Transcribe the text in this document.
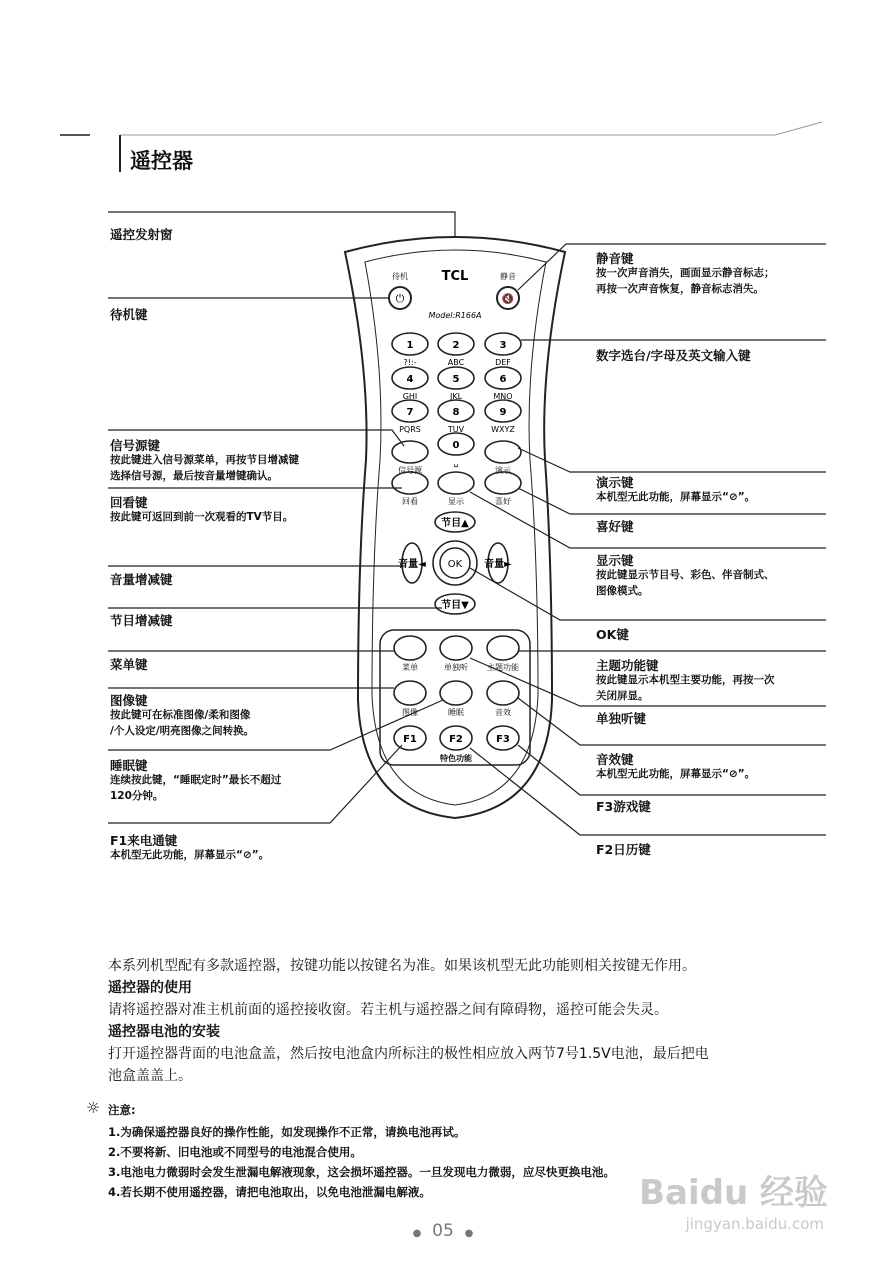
遥控器
TCL
Model:R166A
⏻
待机
🔇
静音
1
?!:-
2
ABC
3
DEF
4
GHI
5
JKL
6
MNO
7
PQRS
8
TUV
9
WXYZ
0
␣
信号源	演示
回看	显示	喜好
节目▲
节目▼
音量◄	音量►
菜单	单独听 主题功能
图像	睡眠	音效
F1	F2	F3
特色功能
OK
遥控发射窗
待机键
信号源键
按此键进入信号源菜单，再按节目增减键
选择信号源，最后按音量增键确认。
回看键
按此键可返回到前一次观看的TV节目。
音量增减键
节目增减键
菜单键
图像键
按此键可在标准图像/柔和图像
/个人设定/明亮图像之间转换。
睡眠键
连续按此键，“睡眠定时”最长不超过
120分钟。
F1来电通键
本机型无此功能，屏幕显示“⊘”。
静音键
按一次声音消失，画面显示静音标志；
再按一次声音恢复，静音标志消失。
数字选台/字母及英文输入键
演示键
本机型无此功能，屏幕显示“⊘”。
喜好键
显示键
按此键显示节目号、彩色、伴音制式、
图像模式。
OK键
主题功能键
按此键显示本机型主要功能，再按一次
关闭屏显。
单独听键
音效键
本机型无此功能，屏幕显示“⊘”。
F3游戏键
F2日历键
本系列机型配有多款遥控器，按键功能以按键名为准。如果该机型无此功能则相关按键无作用。
遥控器的使用
请将遥控器对准主机前面的遥控接收窗。若主机与遥控器之间有障碍物，遥控可能会失灵。
遥控器电池的安装
打开遥控器背面的电池盒盖，然后按电池盒内所标注的极性相应放入两节7号1.5V电池，最后把电
池盒盖盖上。
☼ 注意:
1.为确保遥控器良好的操作性能，如发现操作不正常，请换电池再试。
2.不要将新、旧电池或不同型号的电池混合使用。
3.电池电力微弱时会发生泄漏电解液现象，这会损坏遥控器。一旦发现电力微弱，应尽快更换电池。
4.若长期不使用遥控器，请把电池取出，以免电池泄漏电解液。
● 05 ●
Baidu 经验
jingyan.baidu.com
